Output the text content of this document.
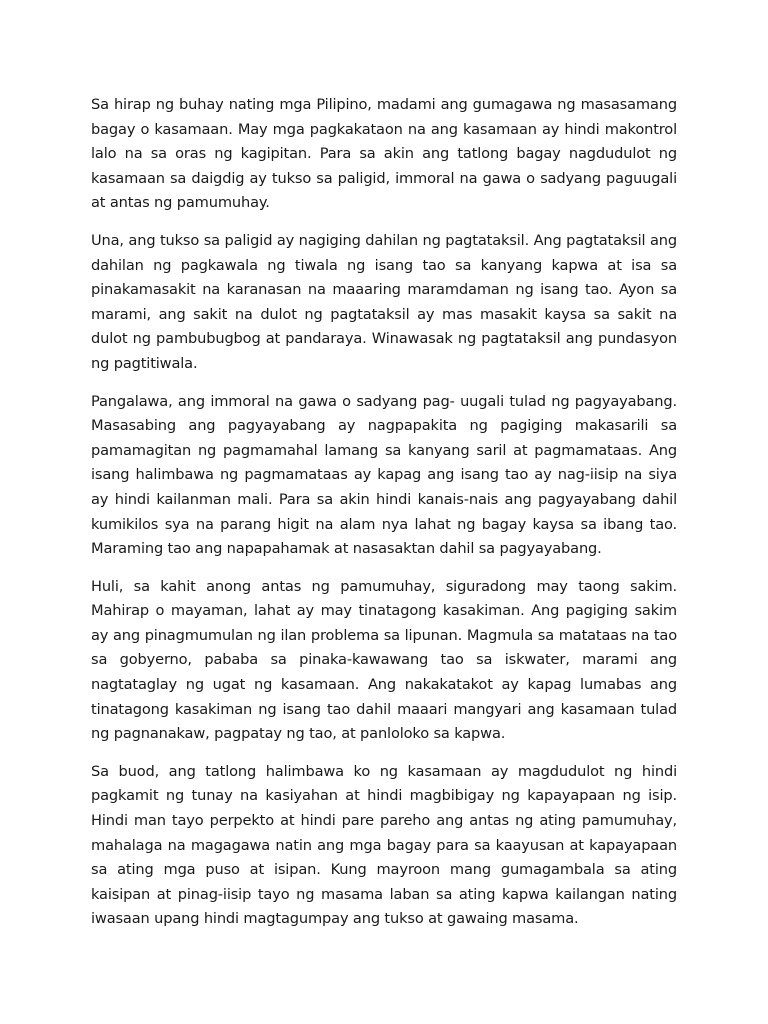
Sa hirap ng buhay nating mga Pilipino, madami ang gumagawa ng masasamang bagay o kasamaan. May mga pagkakataon na ang kasamaan ay hindi makontrol lalo na sa oras ng kagipitan. Para sa akin ang tatlong bagay nagdudulot ng kasamaan sa daigdig ay tukso sa paligid, immoral na gawa o sadyang paguugali at antas ng pamumuhay.

Una, ang tukso sa paligid ay nagiging dahilan ng pagtataksil. Ang pagtataksil ang dahilan ng pagkawala ng tiwala ng isang tao sa kanyang kapwa at isa sa pinakamasakit na karanasan na maaaring maramdaman ng isang tao. Ayon sa marami, ang sakit na dulot ng pagtataksil ay mas masakit kaysa sa sakit na dulot ng pambubugbog at pandaraya. Winawasak ng pagtataksil ang pundasyon ng pagtitiwala.

Pangalawa, ang immoral na gawa o sadyang pag- uugali tulad ng pagyayabang. Masasabing ang pagyayabang ay nagpapakita ng pagiging makasarili sa pamamagitan ng pagmamahal lamang sa kanyang saril at pagmamataas. Ang isang halimbawa ng pagmamataas ay kapag ang isang tao ay nag-iisip na siya ay hindi kailanman mali. Para sa akin hindi kanais-nais ang pagyayabang dahil kumikilos sya na parang higit na alam nya lahat ng bagay kaysa sa ibang tao. Maraming tao ang napapahamak at nasasaktan dahil sa pagyayabang.

Huli, sa kahit anong antas ng pamumuhay, siguradong may taong sakim. Mahirap o mayaman, lahat ay may tinatagong kasakiman. Ang pagiging sakim ay ang pinagmumulan ng ilan problema sa lipunan. Magmula sa matataas na tao sa gobyerno, pababa sa pinaka-kawawang tao sa iskwater, marami ang nagtataglay ng ugat ng kasamaan. Ang nakakatakot ay kapag lumabas ang tinatagong kasakiman ng isang tao dahil maaari mangyari ang kasamaan tulad ng pagnanakaw, pagpatay ng tao, at panloloko sa kapwa.

Sa buod, ang tatlong halimbawa ko ng kasamaan ay magdudulot ng hindi pagkamit ng tunay na kasiyahan at hindi magbibigay ng kapayapaan ng isip. Hindi man tayo perpekto at hindi pare pareho ang antas ng ating pamumuhay, mahalaga na magagawa natin ang mga bagay para sa kaayusan at kapayapaan sa ating mga puso at isipan. Kung mayroon mang gumagambala sa ating kaisipan at pinag-iisip tayo ng masama laban sa ating kapwa kailangan nating iwasaan upang hindi magtagumpay ang tukso at gawaing masama.
